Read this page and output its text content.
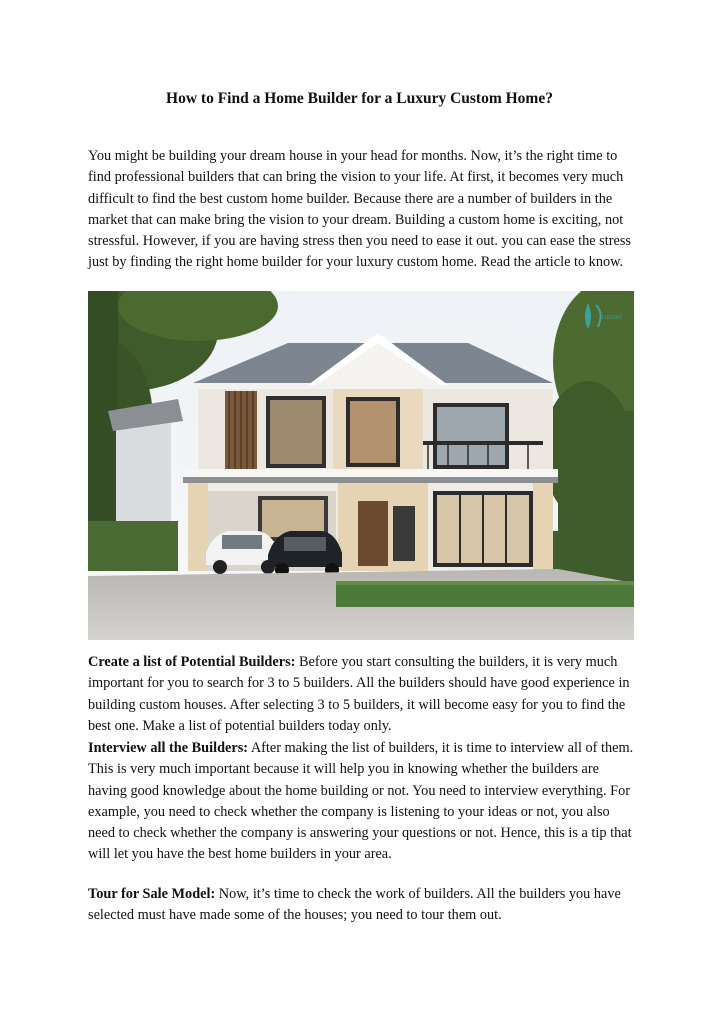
How to Find a Home Builder for a Luxury Custom Home?

You might be building your dream house in your head for months. Now, it’s the right time to find professional builders that can bring the vision to your life. At first, it becomes very much difficult to find the best custom home builder. Because there are a number of builders in the market that can make bring the vision to your dream. Building a custom home is exciting, not stressful. However, if you are having stress then you need to ease it out. you can ease the stress just by finding the right home builder for your luxury custom home. Read the article to know.

LUXURY

Create a list of Potential Builders: Before you start consulting the builders, it is very much important for you to search for 3 to 5 builders. All the builders should have good experience in building custom houses. After selecting 3 to 5 builders, it will become easy for you to find the best one. Make a list of potential builders today only.

Interview all the Builders: After making the list of builders, it is time to interview all of them. This is very much important because it will help you in knowing whether the builders are having good knowledge about the home building or not. You need to interview everything. For example, you need to check whether the company is listening to your ideas or not, you also need to check whether the company is answering your questions or not. Hence, this is a tip that will let you have the best home builders in your area.

Tour for Sale Model: Now, it’s time to check the work of builders. All the builders you have selected must have made some of the houses; you need to tour them out.
